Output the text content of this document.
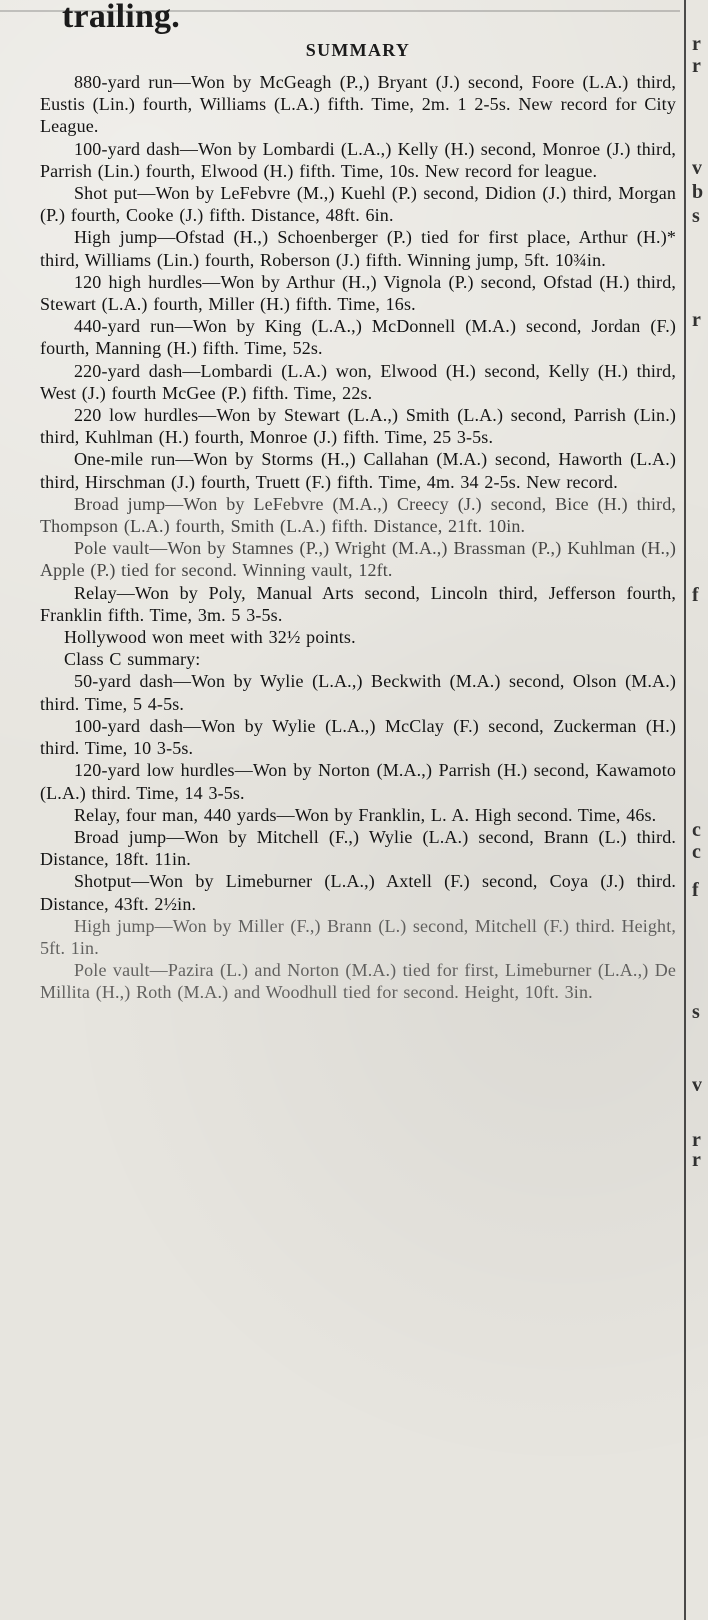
trailing.
SUMMARY

880-yard run—Won by McGeagh (P.,) Bryant (J.) second, Foore (L.A.) third, Eustis (Lin.) fourth, Williams (L.A.) fifth. Time, 2m. 1 2-5s. New record for City League.

100-yard dash—Won by Lombardi (L.A.,) Kelly (H.) second, Monroe (J.) third, Parrish (Lin.) fourth, Elwood (H.) fifth. Time, 10s. New record for league.

Shot put—Won by LeFebvre (M.,) Kuehl (P.) second, Didion (J.) third, Morgan (P.) fourth, Cooke (J.) fifth. Distance, 48ft. 6in.

High jump—Ofstad (H.,) Schoenberger (P.) tied for first place, Arthur (H.)* third, Williams (Lin.) fourth, Roberson (J.) fifth. Winning jump, 5ft. 10¾in.

120 high hurdles—Won by Arthur (H.,) Vignola (P.) second, Ofstad (H.) third, Stewart (L.A.) fourth, Miller (H.) fifth. Time, 16s.

440-yard run—Won by King (L.A.,) McDonnell (M.A.) second, Jordan (F.) fourth, Manning (H.) fifth. Time, 52s.

220-yard dash—Lombardi (L.A.) won, Elwood (H.) second, Kelly (H.) third, West (J.) fourth McGee (P.) fifth. Time, 22s.

220 low hurdles—Won by Stewart (L.A.,) Smith (L.A.) second, Parrish (Lin.) third, Kuhlman (H.) fourth, Monroe (J.) fifth. Time, 25 3-5s.

One-mile run—Won by Storms (H.,) Callahan (M.A.) second, Haworth (L.A.) third, Hirschman (J.) fourth, Truett (F.) fifth. Time, 4m. 34 2-5s. New record.

Broad jump—Won by LeFebvre (M.A.,) Creecy (J.) second, Bice (H.) third, Thompson (L.A.) fourth, Smith (L.A.) fifth. Distance, 21ft. 10in.

Pole vault—Won by Stamnes (P.,) Wright (M.A.,) Brassman (P.,) Kuhlman (H.,) Apple (P.) tied for second. Winning vault, 12ft.

Relay—Won by Poly, Manual Arts second, Lincoln third, Jefferson fourth, Franklin fifth. Time, 3m. 5 3-5s.

Hollywood won meet with 32½ points.

Class C summary:

50-yard dash—Won by Wylie (L.A.,) Beckwith (M.A.) second, Olson (M.A.) third. Time, 5 4-5s.

100-yard dash—Won by Wylie (L.A.,) McClay (F.) second, Zuckerman (H.) third. Time, 10 3-5s.

120-yard low hurdles—Won by Norton (M.A.,) Parrish (H.) second, Kawamoto (L.A.) third. Time, 14 3-5s.

Relay, four man, 440 yards—Won by Franklin, L. A. High second. Time, 46s.

Broad jump—Won by Mitchell (F.,) Wylie (L.A.) second, Brann (L.) third. Distance, 18ft. 11in.

Shotput—Won by Limeburner (L.A.,) Axtell (F.) second, Coya (J.) third. Distance, 43ft. 2½in.

High jump—Won by Miller (F.,) Brann (L.) second, Mitchell (F.) third. Height, 5ft. 1in.

Pole vault—Pazira (L.) and Norton (M.A.) tied for first, Limeburner (L.A.,) De Millita (H.,) Roth (M.A.) and Woodhull tied for second. Height, 10ft. 3in.

r
r
v
b
s
r
f
c
c
f
s
v
r
r
